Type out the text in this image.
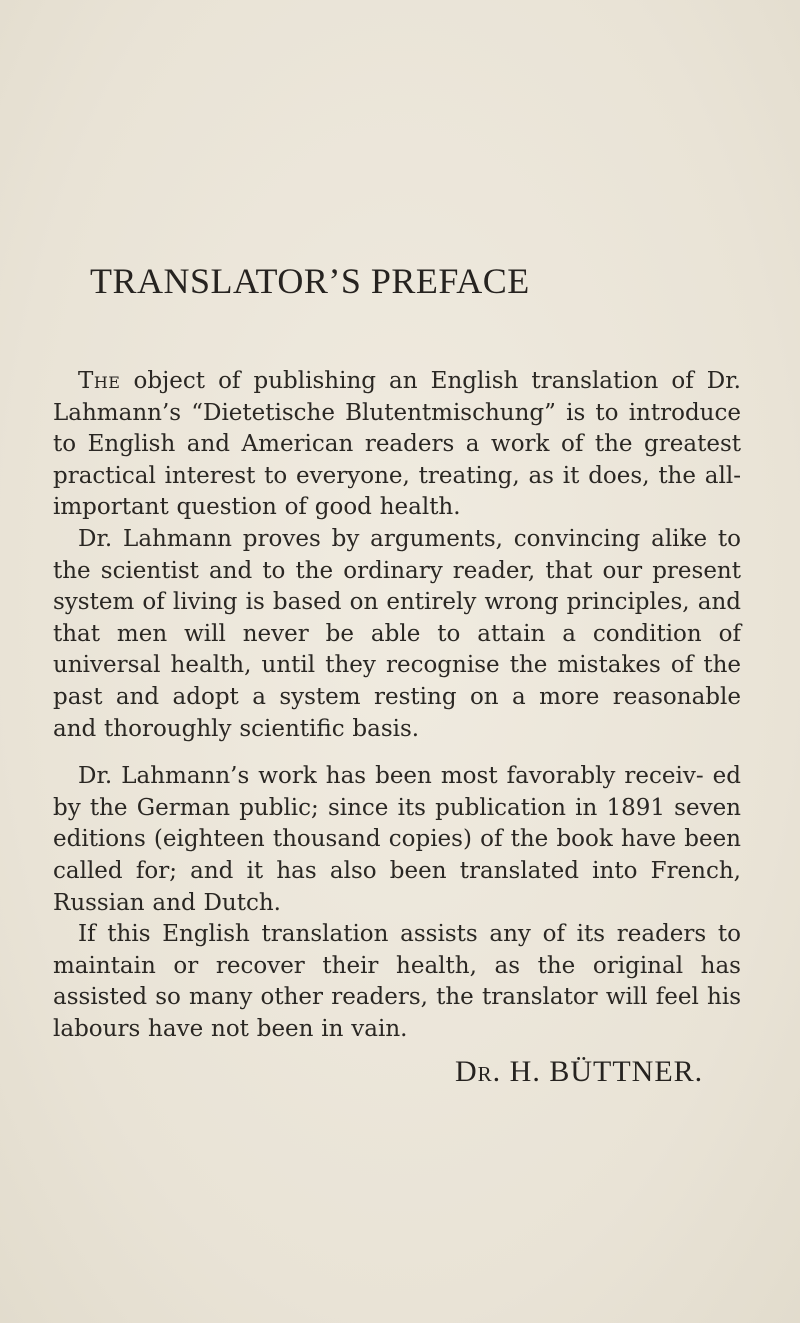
TRANSLATOR’S PREFACE

The object of publishing an English translation of Dr. Lahmann’s “Dietetische Blutentmischung” is to introduce to English and American readers a work of the greatest practical interest to everyone, treating, as it does, the all-important question of good health.

Dr. Lahmann proves by arguments, convincing alike to the scientist and to the ordinary reader, that our present system of living is based on entirely wrong principles, and that men will never be able to attain a condition of universal health, until they recognise the mistakes of the past and adopt a system resting on a more reasonable and thoroughly scientific basis.

Dr. Lahmann’s work has been most favorably receiv- ed by the German public; since its publication in 1891 seven editions (eighteen thousand copies) of the book have been called for; and it has also been translated into French, Russian and Dutch.

If this English translation assists any of its readers to maintain or recover their health, as the original has assisted so many other readers, the translator will feel his labours have not been in vain.

Dr. H. BÜTTNER.
